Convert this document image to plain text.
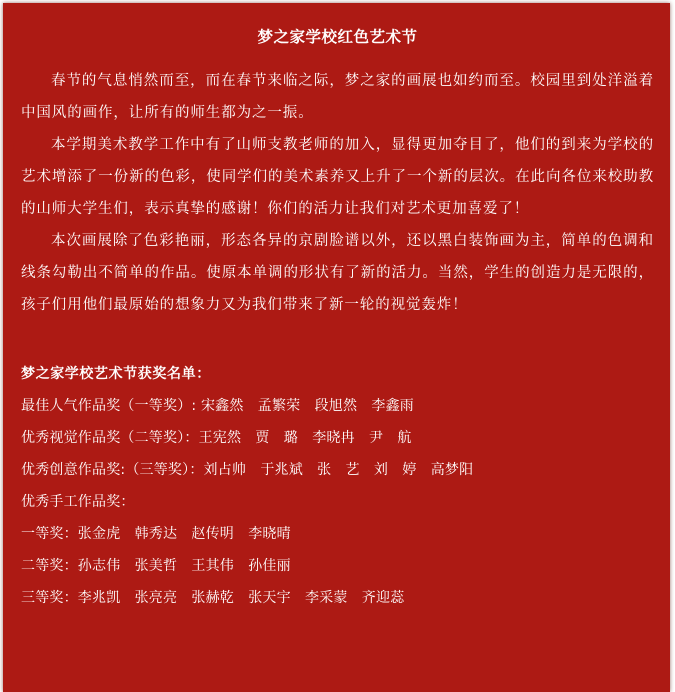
梦之家学校红色艺术节

春节的气息悄然而至，而在春节来临之际，梦之家的画展也如约而至。校园里到处洋溢着中国风的画作，让所有的师生都为之一振。

本学期美术教学工作中有了山师支教老师的加入，显得更加夺目了，他们的到来为学校的艺术增添了一份新的色彩，使同学们的美术素养又上升了一个新的层次。在此向各位来校助教的山师大学生们，表示真挚的感谢！你们的活力让我们对艺术更加喜爱了！

本次画展除了色彩艳丽，形态各异的京剧脸谱以外，还以黑白装饰画为主，简单的色调和线条勾勒出不简单的作品。使原本单调的形状有了新的活力。当然，学生的创造力是无限的，孩子们用他们最原始的想象力又为我们带来了新一轮的视觉轰炸！

梦之家学校艺术节获奖名单：

最佳人气作品奖（一等奖）: 宋鑫然　孟繁荣　段旭然　李鑫雨

优秀视觉作品奖（二等奖）：王宪然　贾　璐　李晓冉　尹　航

优秀创意作品奖:（三等奖）：刘占帅　于兆斌　张　艺　刘　婷　高梦阳

优秀手工作品奖：

一等奖：张金虎　韩秀达　赵传明　李晓晴

二等奖：孙志伟　张美哲　王其伟　孙佳丽

三等奖：李兆凯　张亮亮　张赫乾　张天宇　李采蒙　齐迎蕊
